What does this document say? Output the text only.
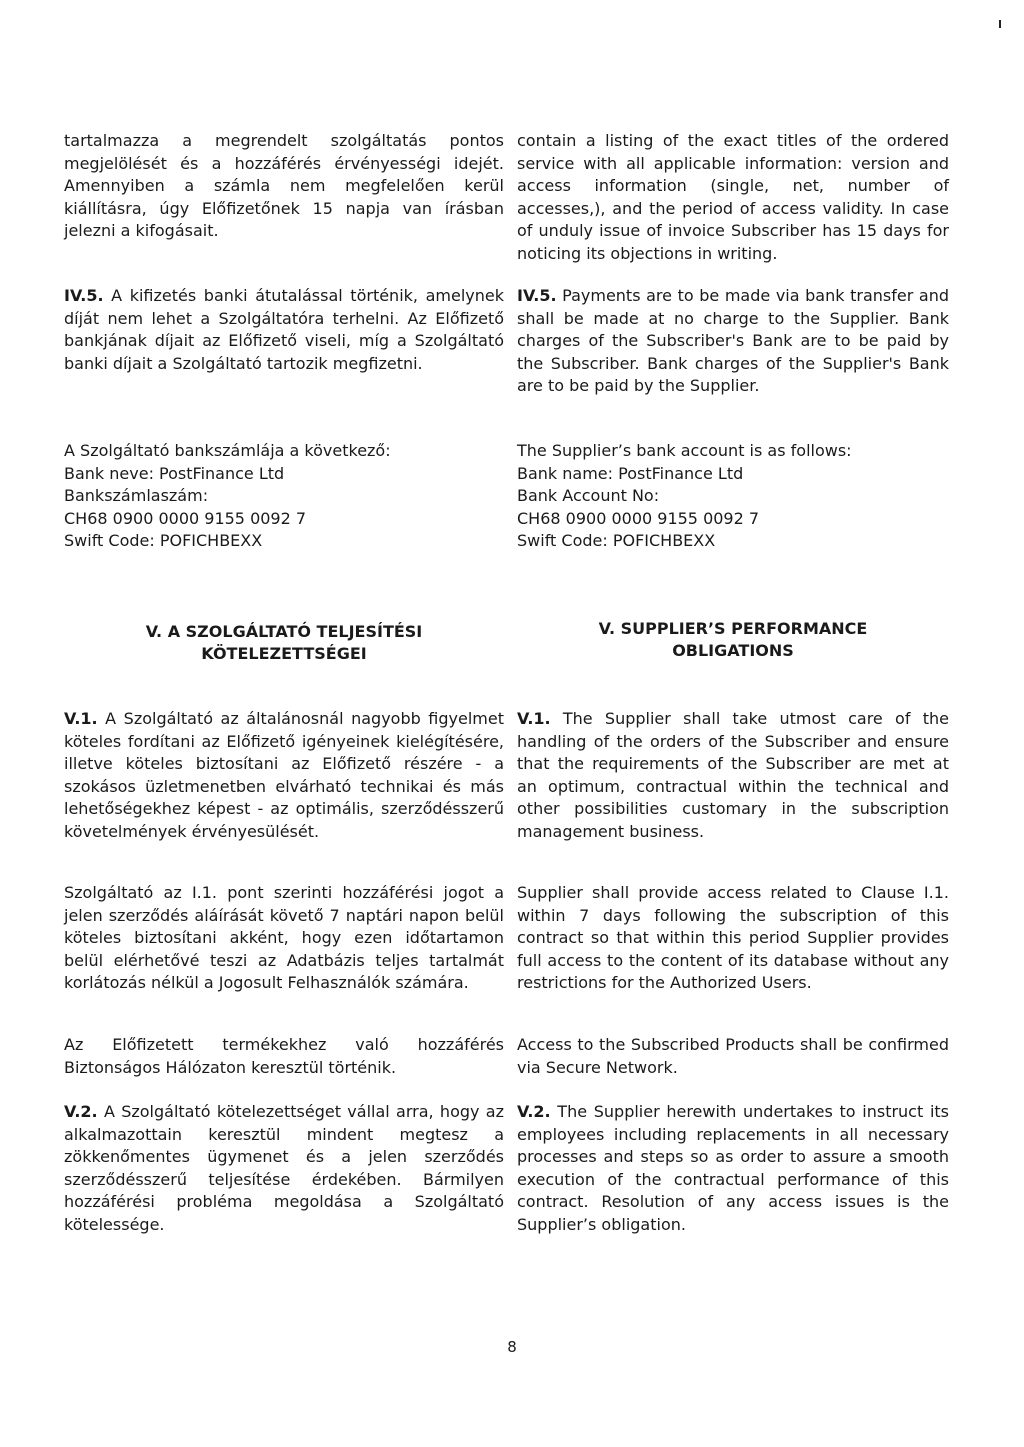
tartalmazza a megrendelt szolgáltatás pontos megjelölését és a hozzáférés érvényességi idejét. Amennyiben a számla nem megfelelően kerül kiállításra, úgy Előfizetőnek 15 napja van írásban jelezni a kifogásait.

IV.5. A kifizetés banki átutalással történik, amelynek díját nem lehet a Szolgáltatóra terhelni. Az Előfizető bankjának díjait az Előfizető viseli, míg a Szolgáltató banki díjait a Szolgáltató tartozik megfizetni.

A Szolgáltató bankszámlája a következő:
Bank neve: PostFinance Ltd
Bankszámlaszám:
CH68 0900 0000 9155 0092 7
Swift Code: POFICHBEXX

V. A SZOLGÁLTATÓ TELJESÍTÉSI
KÖTELEZETTSÉGEI

V.1. A Szolgáltató az általánosnál nagyobb figyelmet köteles fordítani az Előfizető igényeinek kielégítésére, illetve köteles biztosítani az Előfizető részére - a szokásos üzletmenetben elvárható technikai és más lehetőségekhez képest - az optimális, szerződésszerű követelmények érvényesülését.

Szolgáltató az I.1. pont szerinti hozzáférési jogot a jelen szerződés aláírását követő 7 naptári napon belül köteles biztosítani akként, hogy ezen időtartamon belül elérhetővé teszi az Adatbázis teljes tartalmát korlátozás nélkül a Jogosult Felhasználók számára.

Az Előfizetett termékekhez való hozzáférés Biztonságos Hálózaton keresztül történik.

V.2. A Szolgáltató kötelezettséget vállal arra, hogy az alkalmazottain keresztül mindent megtesz a zökkenőmentes ügymenet és a jelen szerződés szerződésszerű teljesítése érdekében. Bármilyen hozzáférési probléma megoldása a Szolgáltató kötelessége.

contain a listing of the exact titles of the ordered service with all applicable information: version and access information (single, net, number of accesses,), and the period of access validity. In case of unduly issue of invoice Subscriber has 15 days for noticing its objections in writing.

IV.5. Payments are to be made via bank transfer and shall be made at no charge to the Supplier. Bank charges of the Subscriber's Bank are to be paid by the Subscriber. Bank charges of the Supplier's Bank are to be paid by the Supplier.

The Supplier’s bank account is as follows:
Bank name: PostFinance Ltd
Bank Account No:
CH68 0900 0000 9155 0092 7
Swift Code: POFICHBEXX

V. SUPPLIER’S PERFORMANCE
OBLIGATIONS

V.1. The Supplier shall take utmost care of the handling of the orders of the Subscriber and ensure that the requirements of the Subscriber are met at an optimum, contractual within the technical and other possibilities customary in the subscription management business.

Supplier shall provide access related to Clause I.1. within 7 days following the subscription of this contract so that within this period Supplier provides full access to the content of its database without any restrictions for the Authorized Users.

Access to the Subscribed Products shall be confirmed via Secure Network.

V.2. The Supplier herewith undertakes to instruct its employees including replacements in all necessary processes and steps so as order to assure a smooth execution of the contractual performance of this contract. Resolution of any access issues is the Supplier’s obligation.

8
